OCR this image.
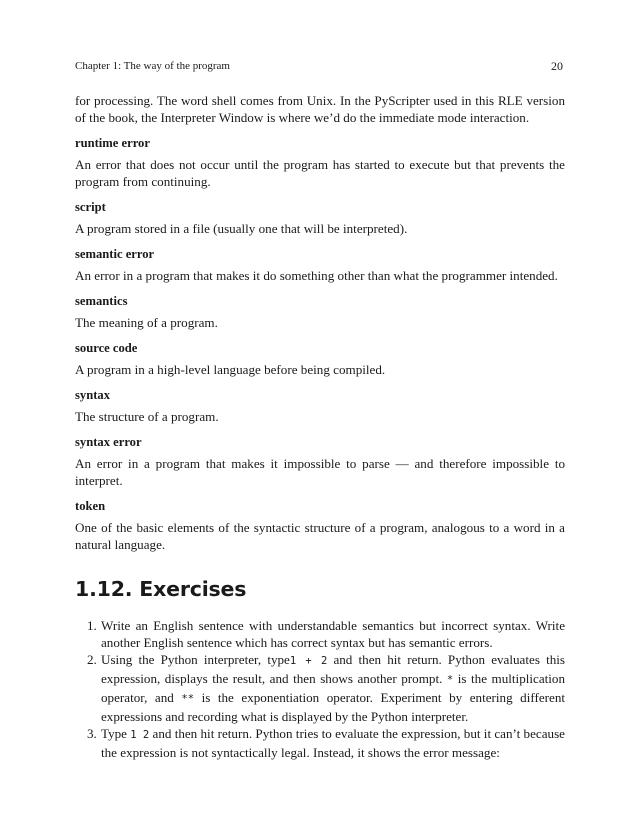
Chapter 1: The way of the program	20

for processing. The word shell comes from Unix. In the PyScripter used in this RLE version of the book, the Interpreter Window is where we’d do the immediate mode interaction.

runtime error

An error that does not occur until the program has started to execute but that prevents the program from continuing.

script

A program stored in a file (usually one that will be interpreted).

semantic error

An error in a program that makes it do something other than what the programmer intended.

semantics

The meaning of a program.

source code

A program in a high-level language before being compiled.

syntax

The structure of a program.

syntax error

An error in a program that makes it impossible to parse — and therefore impossible to interpret.

token

One of the basic elements of the syntactic structure of a program, analogous to a word in a natural language.

1.12. Exercises
1. Write an English sentence with understandable semantics but incorrect syntax. Write another English sentence which has correct syntax but has semantic errors.
2. Using the Python interpreter, type1 + 2 and then hit return. Python evaluates this expression, displays the result, and then shows another prompt. * is the multiplication operator, and ** is the exponentiation operator. Experiment by entering different expressions and recording what is displayed by the Python interpreter.
3. Type 1 2 and then hit return. Python tries to evaluate the expression, but it can’t because the expression is not syntactically legal. Instead, it shows the error message:
